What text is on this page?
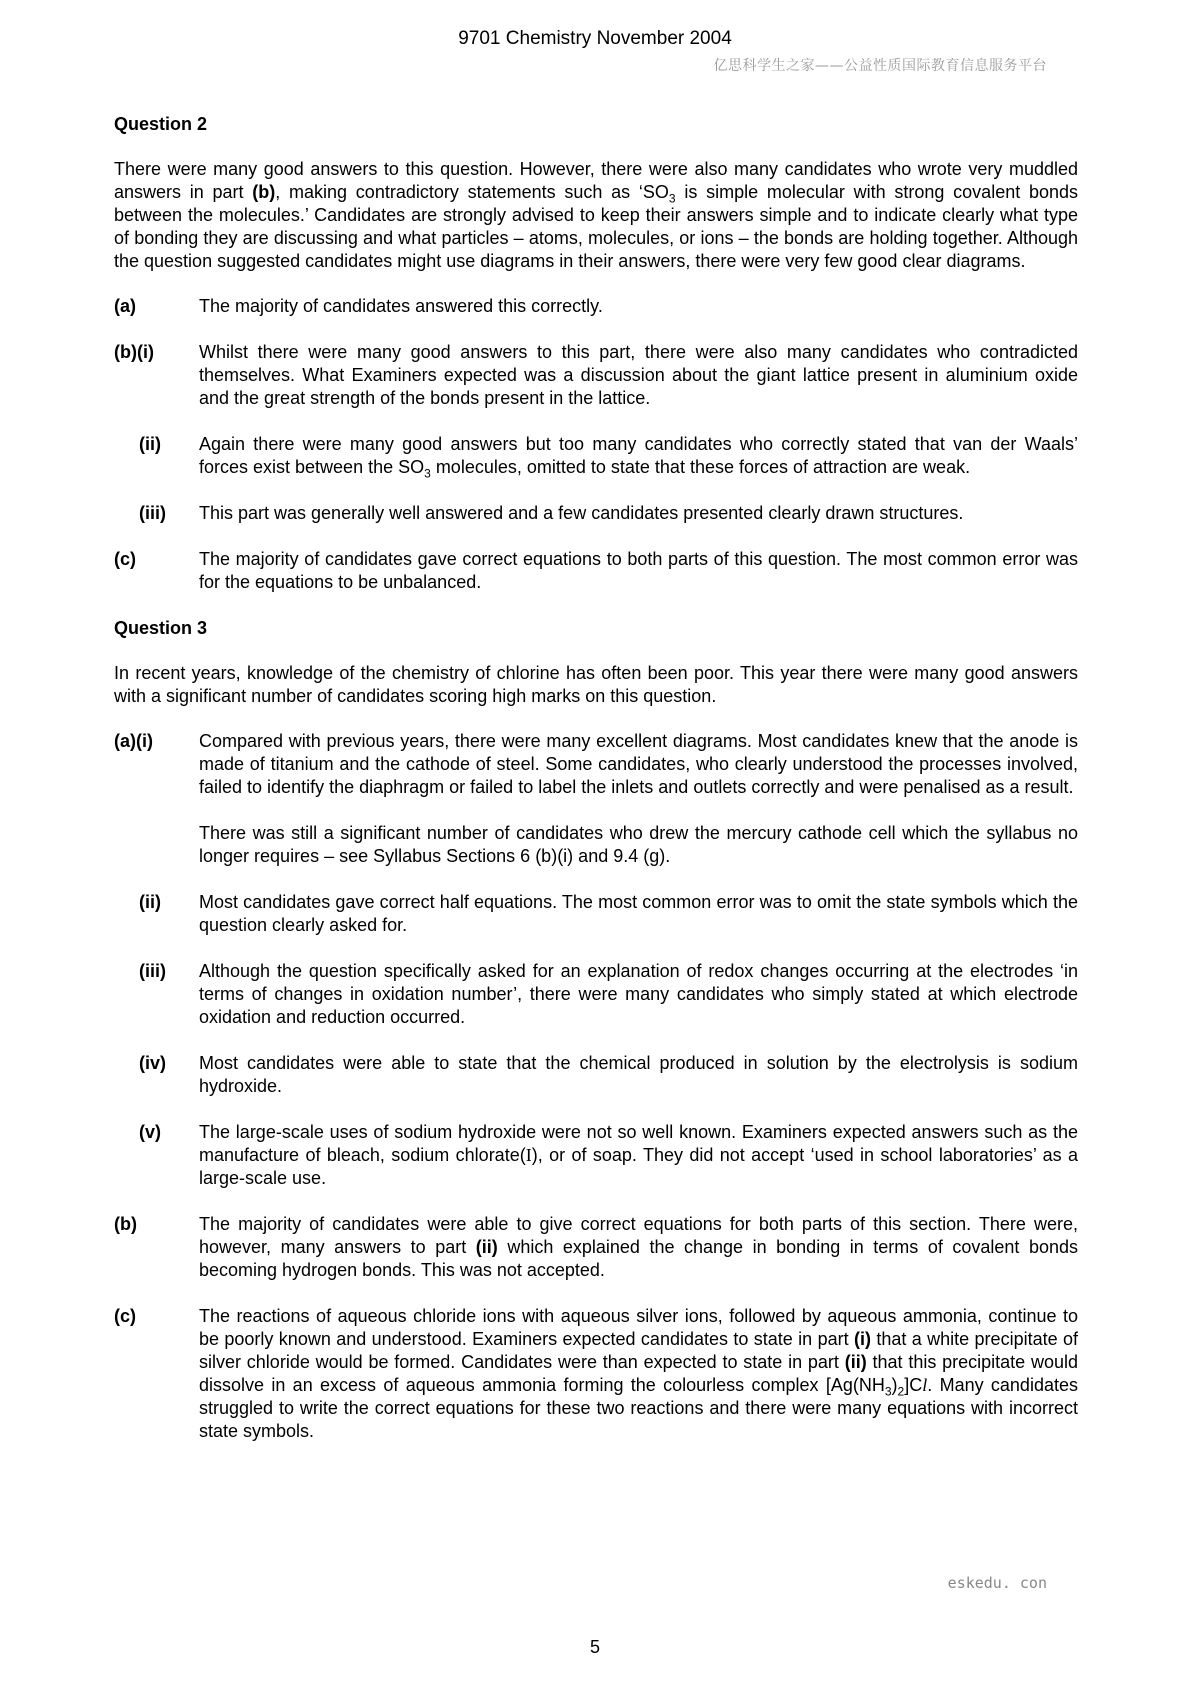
9701 Chemistry November 2004
亿思科学生之家——公益性质国际教育信息服务平台
Question 2

There were many good answers to this question. However, there were also many candidates who wrote very muddled answers in part (b), making contradictory statements such as ‘$SO_3$ is simple molecular with strong covalent bonds between the molecules.’ Candidates are strongly advised to keep their answers simple and to indicate clearly what type of bonding they are discussing and what particles – atoms, molecules, or ions – the bonds are holding together. Although the question suggested candidates might use diagrams in their answers, there were very few good clear diagrams.

(a)	The majority of candidates answered this correctly.
(b)(i)	Whilst there were many good answers to this part, there were also many candidates who contradicted themselves. What Examiners expected was a discussion about the giant lattice present in aluminium oxide and the great strength of the bonds present in the lattice.
(ii)	Again there were many good answers but too many candidates who correctly stated that van der Waals’ forces exist between the $SO_3$ molecules, omitted to state that these forces of attraction are weak.
(iii)	This part was generally well answered and a few candidates presented clearly drawn structures.
(c)	The majority of candidates gave correct equations to both parts of this question. The most common error was for the equations to be unbalanced.
Question 3

In recent years, knowledge of the chemistry of chlorine has often been poor. This year there were many good answers with a significant number of candidates scoring high marks on this question.

(a)(i)	Compared with previous years, there were many excellent diagrams. Most candidates knew that the anode is made of titanium and the cathode of steel. Some candidates, who clearly understood the processes involved, failed to identify the diaphragm or failed to label the inlets and outlets correctly and were penalised as a result.

There was still a significant number of candidates who drew the mercury cathode cell which the syllabus no longer requires – see Syllabus Sections 6 (b)(i) and 9.4 (g).

(ii)	Most candidates gave correct half equations. The most common error was to omit the state symbols which the question clearly asked for.
(iii)	Although the question specifically asked for an explanation of redox changes occurring at the electrodes ‘in terms of changes in oxidation number’, there were many candidates who simply stated at which electrode oxidation and reduction occurred.
(iv)	Most candidates were able to state that the chemical produced in solution by the electrolysis is sodium hydroxide.
(v)	The large-scale uses of sodium hydroxide were not so well known. Examiners expected answers such as the manufacture of bleach, sodium chlorate(I), or of soap. They did not accept ‘used in school laboratories’ as a large-scale use.
(b)	The majority of candidates were able to give correct equations for both parts of this section. There were, however, many answers to part (ii) which explained the change in bonding in terms of covalent bonds becoming hydrogen bonds. This was not accepted.
(c)	The reactions of aqueous chloride ions with aqueous silver ions, followed by aqueous ammonia, continue to be poorly known and understood. Examiners expected candidates to state in part (i) that a white precipitate of silver chloride would be formed. Candidates were than expected to state in part (ii) that this precipitate would dissolve in an excess of aqueous ammonia forming the colourless complex $[Ag(NH_3)_2]Cl$. Many candidates struggled to write the correct equations for these two reactions and there were many equations with incorrect state symbols.
eskedu. con
5
